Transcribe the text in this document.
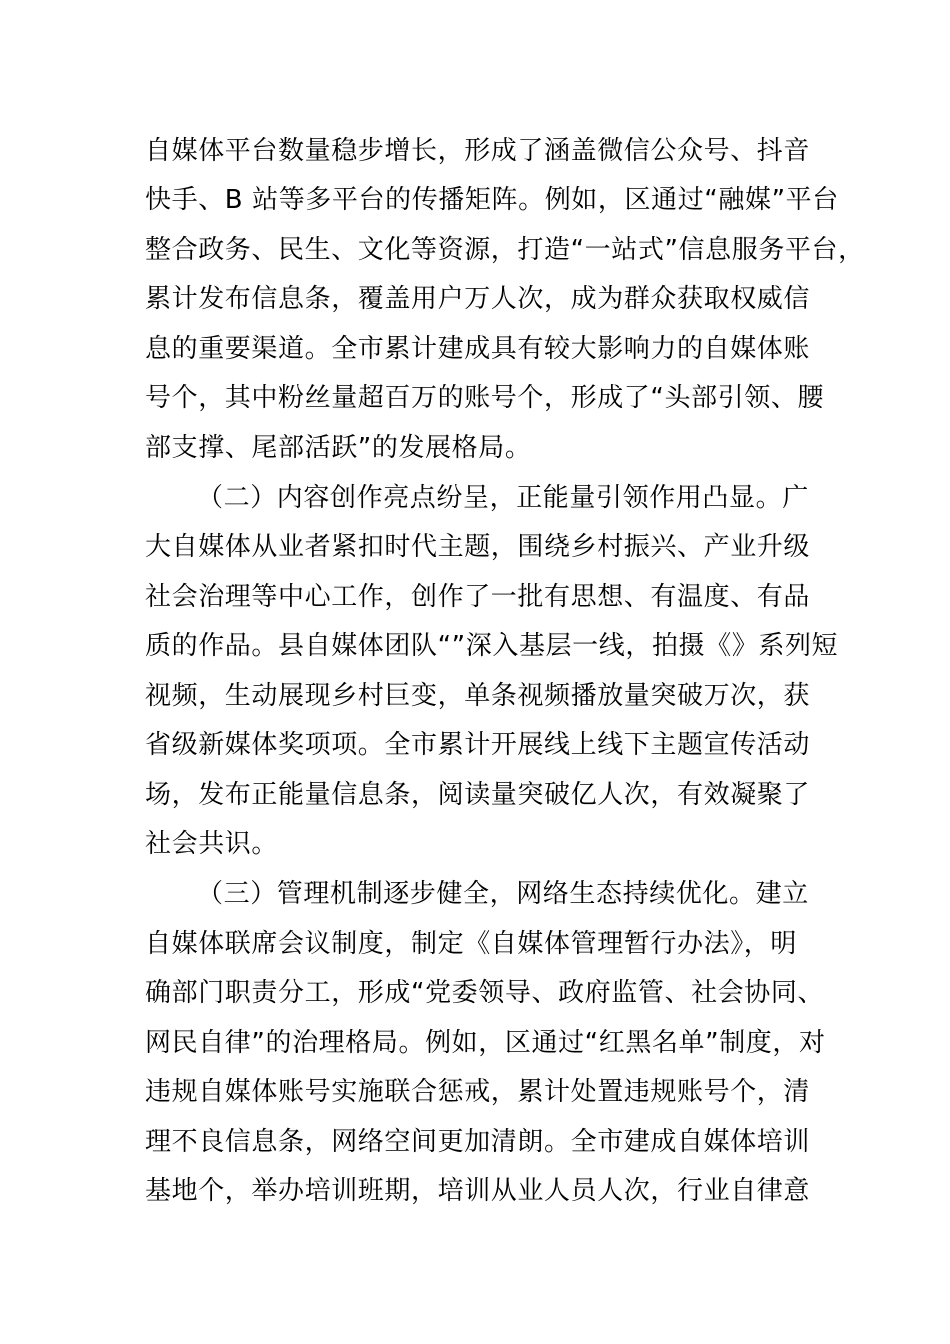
自媒体平台数量稳步增长，形成了涵盖微信公众号、抖音
快手、B 站等多平台的传播矩阵。例如，区通过“融媒”平台
整合政务、民生、文化等资源，打造“一站式”信息服务平台，
累计发布信息条，覆盖用户万人次，成为群众获取权威信
息的重要渠道。全市累计建成具有较大影响力的自媒体账
号个，其中粉丝量超百万的账号个，形成了“头部引领、腰
部支撑、尾部活跃”的发展格局。
（二）内容创作亮点纷呈，正能量引领作用凸显。广
大自媒体从业者紧扣时代主题，围绕乡村振兴、产业升级
社会治理等中心工作，创作了一批有思想、有温度、有品
质的作品。县自媒体团队“”深入基层一线，拍摄《》系列短
视频，生动展现乡村巨变，单条视频播放量突破万次，获
省级新媒体奖项项。全市累计开展线上线下主题宣传活动
场，发布正能量信息条，阅读量突破亿人次，有效凝聚了
社会共识。
（三）管理机制逐步健全，网络生态持续优化。建立
自媒体联席会议制度，制定《自媒体管理暂行办法》，明
确部门职责分工，形成“党委领导、政府监管、社会协同、
网民自律”的治理格局。例如，区通过“红黑名单”制度，对
违规自媒体账号实施联合惩戒，累计处置违规账号个，清
理不良信息条，网络空间更加清朗。全市建成自媒体培训
基地个，举办培训班期，培训从业人员人次，行业自律意
